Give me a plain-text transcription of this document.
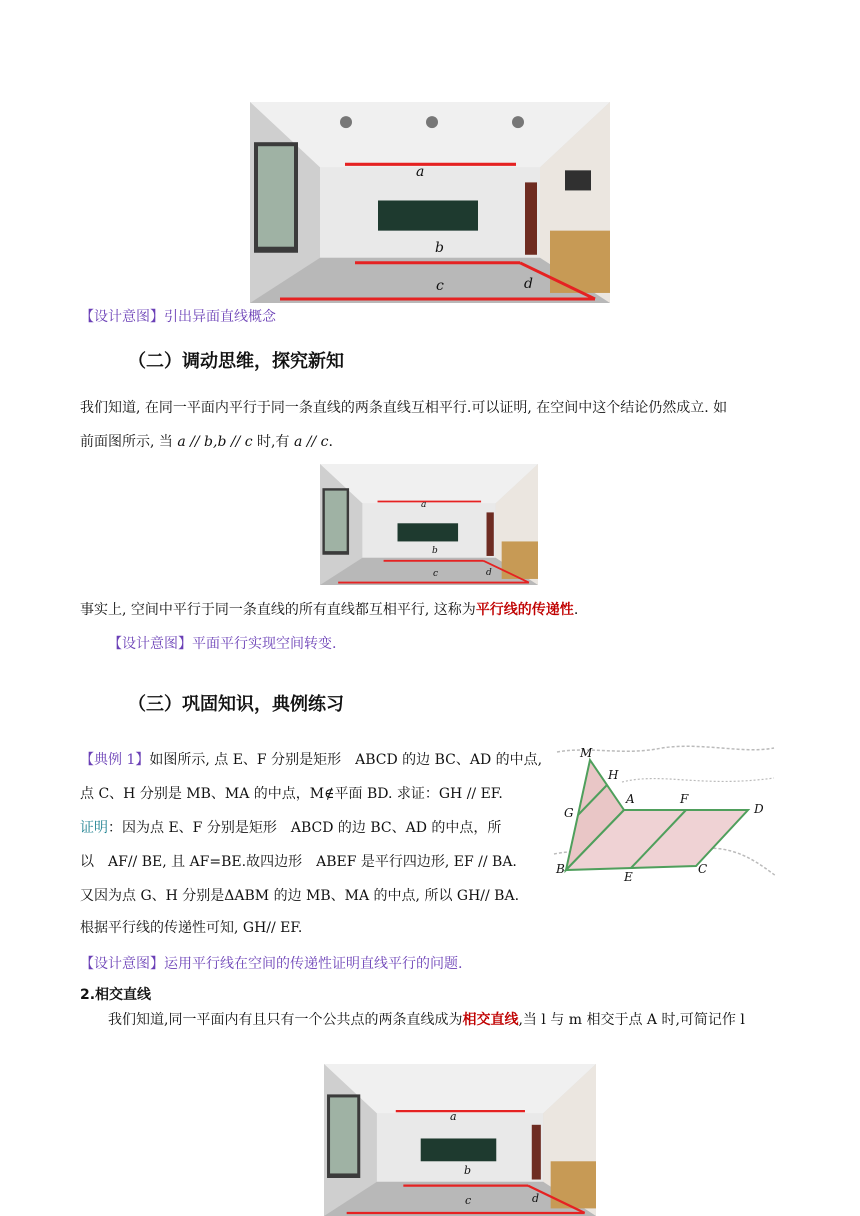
a
b
c	d
【设计意图】引出异面直线概念
（二）调动思维，探究新知
我们知道, 在同一平面内平行于同一条直线的两条直线互相平行.可以证明, 在空间中这个结论仍然成立. 如
前面图所示, 当 a // b,b // c 时,有 a // c.
a
b
c	d
事实上, 空间中平行于同一条直线的所有直线都互相平行, 这称为平行线的传递性.
【设计意图】平面平行实现空间转变.
（三）巩固知识，典例练习
【典例 1】如图所示, 点 E、F 分别是矩形　ABCD 的边 BC、AD 的中点,
点 C、H 分别是 MB、MA 的中点，M∉平面 BD. 求证：GH // EF.
证明：因为点 E、F 分别是矩形　ABCD 的边 BC、AD 的中点，所
以　AF// BE, 且 AF=BE.故四边形　ABEF 是平行四边形, EF // BA.
又因为点 G、H 分别是ΔABM 的边 MB、MA 的中点, 所以 GH// BA.
根据平行线的传递性可知, GH// EF.
【设计意图】运用平行线在空间的传递性证明直线平行的问题.
M
H
G
A	F
D
B
E
C
2.相交直线
我们知道,同一平面内有且只有一个公共点的两条直线成为相交直线,当 l 与 m 相交于点 A 时,可简记作 l
a
b
c	d
